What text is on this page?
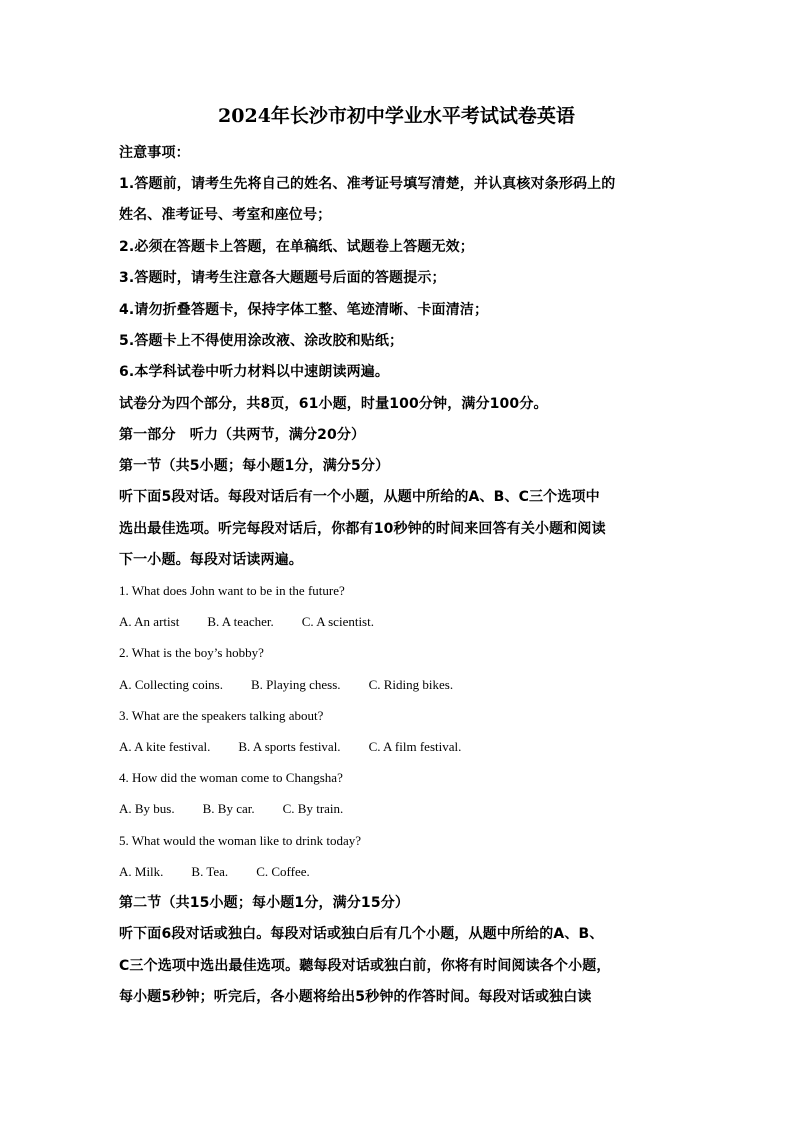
2024年长沙市初中学业水平考试试卷英语
注意事项：
1.答题前，请考生先将自己的姓名、准考证号填写清楚，并认真核对条形码上的
姓名、准考证号、考室和座位号；
2.必须在答题卡上答题，在单稿纸、试题卷上答题无效；
3.答题时，请考生注意各大题题号后面的答题提示；
4.请勿折叠答题卡，保持字体工整、笔迹清晰、卡面清洁；
5.答题卡上不得使用涂改液、涂改胶和贴纸；
6.本学科试卷中听力材料以中速朗读两遍。
试卷分为四个部分，共8页，61小题，时量100分钟，满分100分。
第一部分　听力（共两节，满分20分）
第一节（共5小题；每小题1分，满分5分）
听下面5段对话。每段对话后有一个小题，从题中所给的A、B、C三个选项中
选出最佳选项。听完每段对话后，你都有10秒钟的时间来回答有关小题和阅读
下一小题。每段对话读两遍。
1. What does John want to be in the future?
A. An artist B. A teacher. C. A scientist.
2. What is the boy’s hobby?
A. Collecting coins. B. Playing chess. C. Riding bikes.
3. What are the speakers talking about?
A. A kite festival. B. A sports festival. C. A film festival.
4. How did the woman come to Changsha?
A. By bus. B. By car. C. By train.
5. What would the woman like to drink today?
A. Milk. B. Tea. C. Coffee.
第二节（共15小题；每小题1分，满分15分）
听下面6段对话或独白。每段对话或独白后有几个小题，从题中所给的A、B、
C三个选项中选出最佳选项。聽每段对话或独白前，你将有时间阅读各个小题，
每小题5秒钟；听完后，各小题将给出5秒钟的作答时间。每段对话或独白读
